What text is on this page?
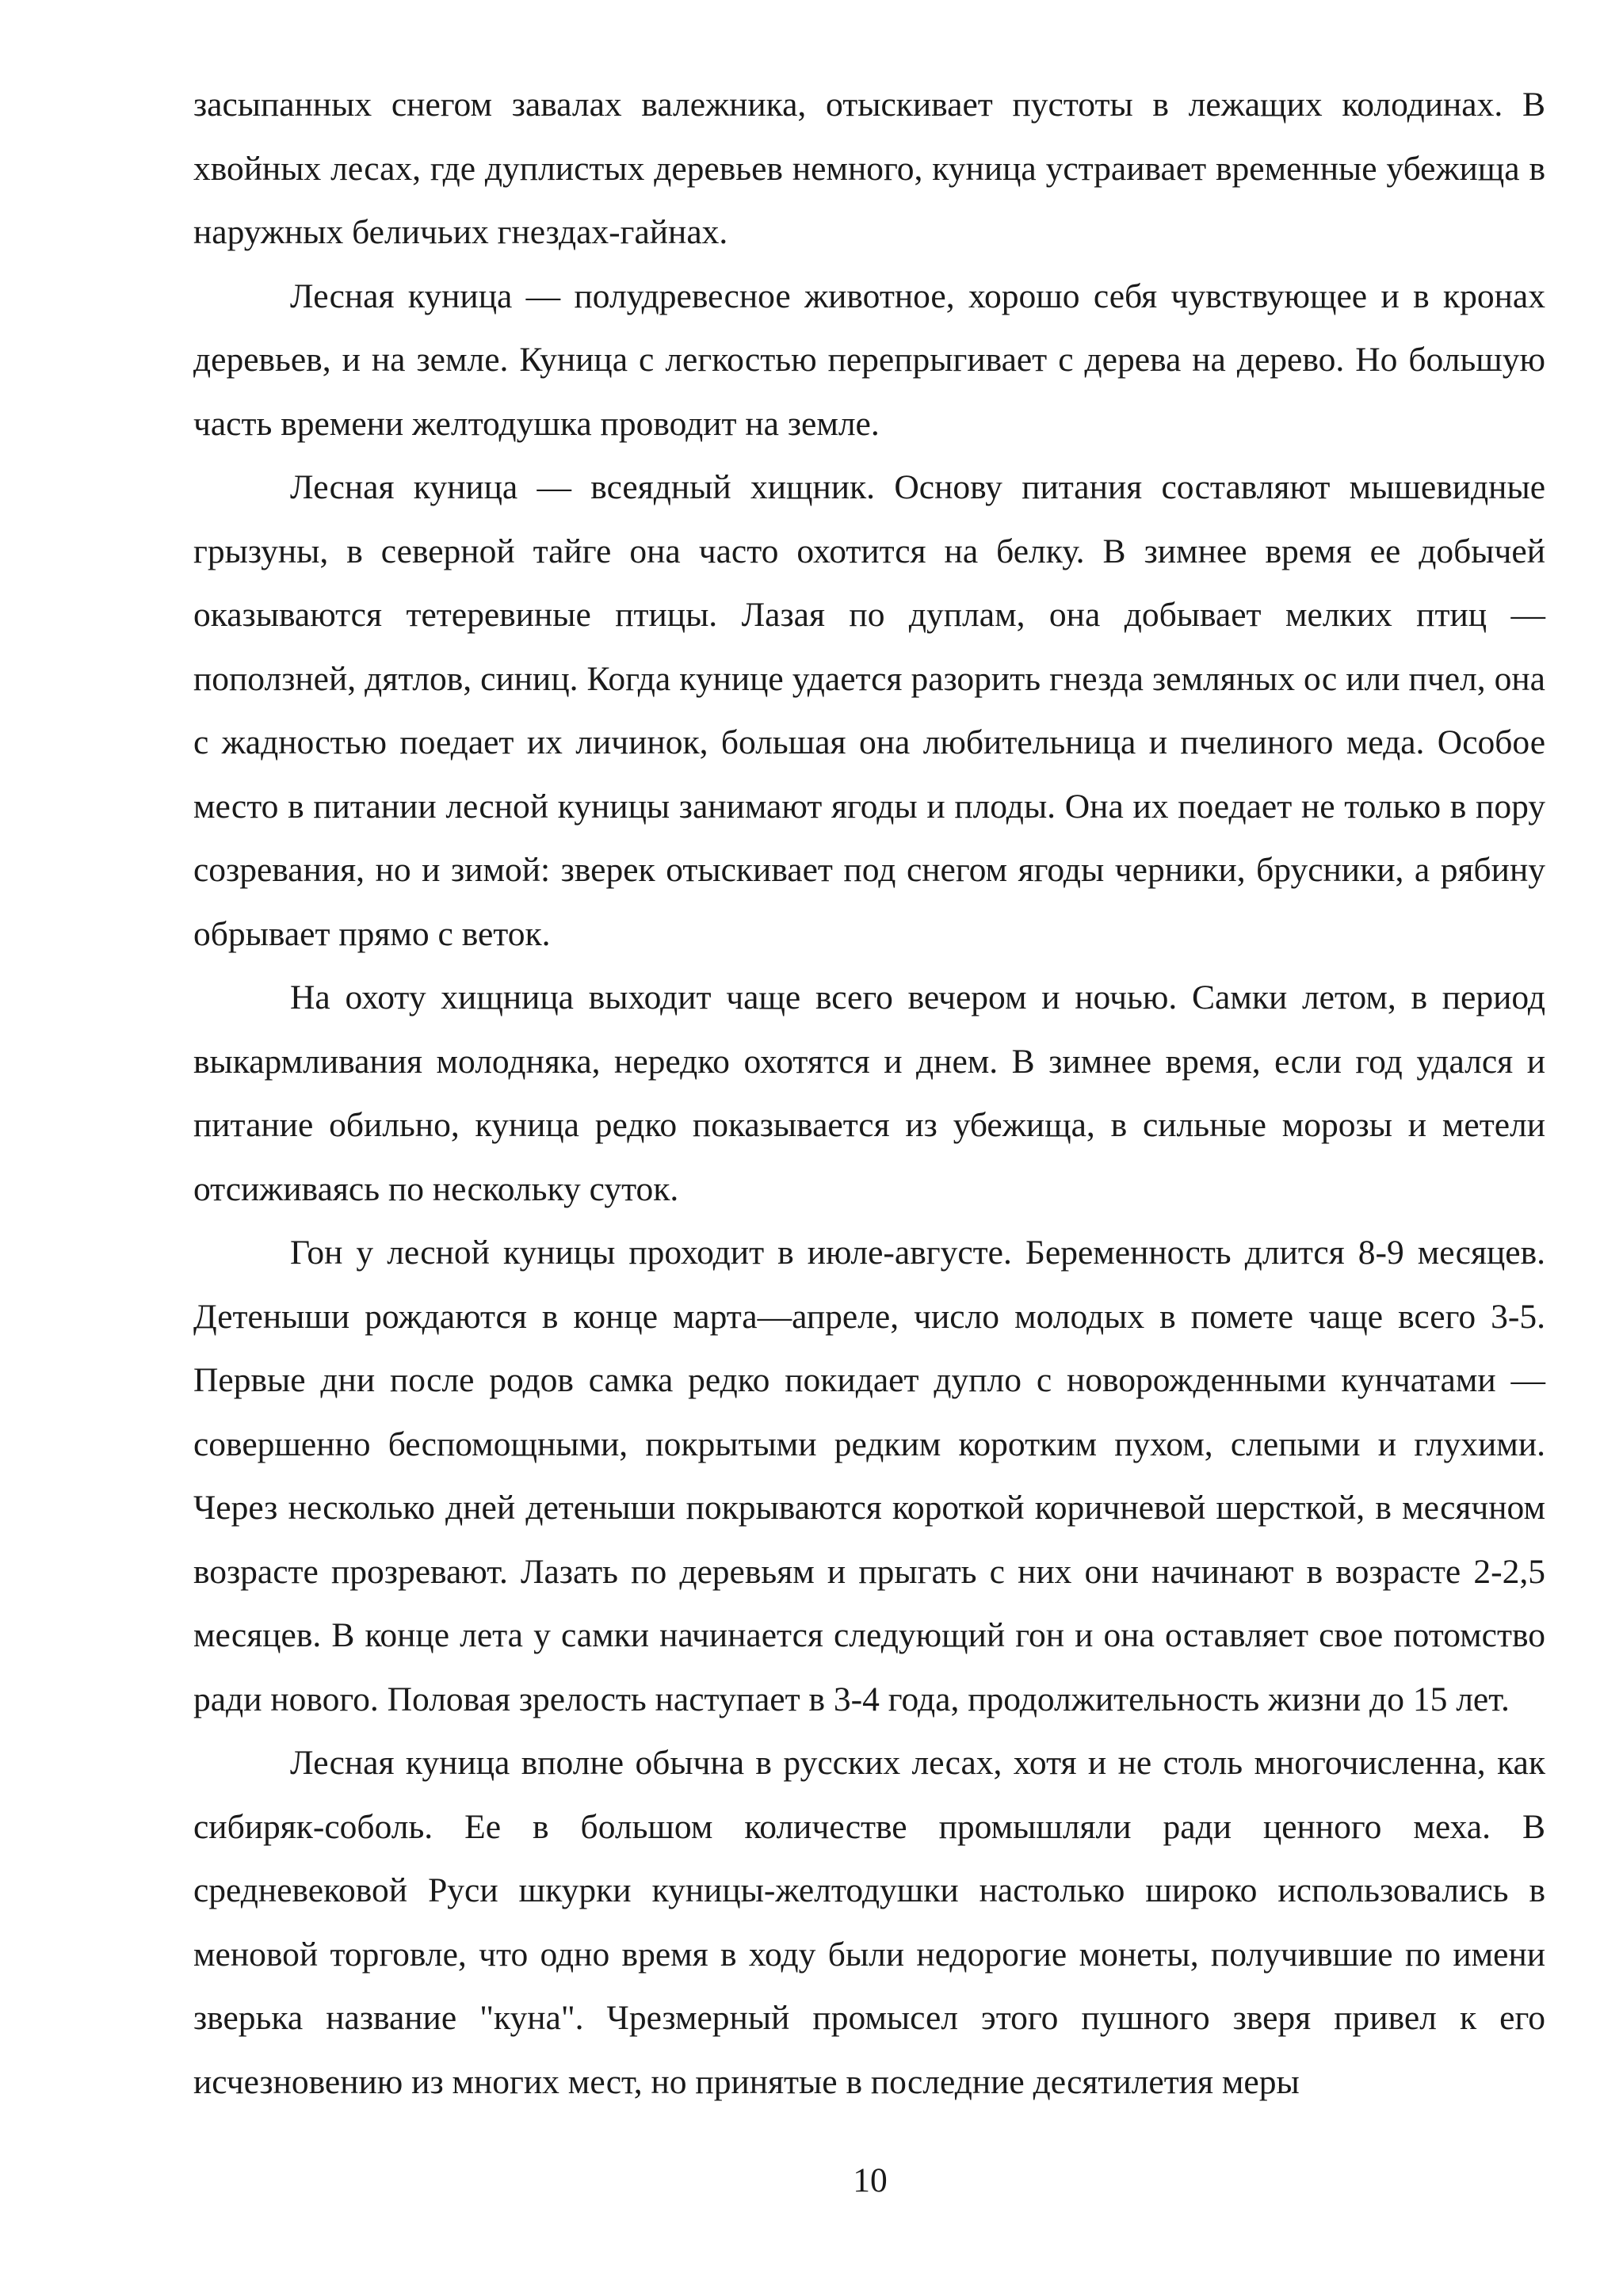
засыпанных снегом завалах валежника, отыскивает пустоты в лежащих колодинах. В хвойных лесах, где дуплистых деревьев немного, куница устраивает временные убежища в наружных беличьих гнездах-гайнах.

Лесная куница — полудревесное животное, хорошо себя чувствующее и в кронах деревьев, и на земле. Куница с легкостью перепрыгивает с дерева на дерево. Но большую часть времени желтодушка проводит на земле.

Лесная куница — всеядный хищник. Основу питания составляют мышевидные грызуны, в северной тайге она часто охотится на белку. В зимнее время ее добычей оказываются тетеревиные птицы. Лазая по дуплам, она добывает мелких птиц — поползней, дятлов, синиц. Когда кунице удается разорить гнезда земляных ос или пчел, она с жадностью поедает их личинок, большая она любительница и пчелиного меда. Особое место в питании лесной куницы занимают ягоды и плоды. Она их поедает не только в пору созревания, но и зимой: зверек отыскивает под снегом ягоды черники, брусники, а рябину обрывает прямо с веток.

На охоту хищница выходит чаще всего вечером и ночью. Самки летом, в период выкармливания молодняка, нередко охотятся и днем. В зимнее время, если год удался и питание обильно, куница редко показывается из убежища, в сильные морозы и метели отсиживаясь по нескольку суток.

Гон у лесной куницы проходит в июле-августе. Беременность длится 8-9 месяцев. Детеныши рождаются в конце марта—апреле, число молодых в помете чаще всего 3-5. Первые дни после родов самка редко покидает дупло с новорожденными кунчатами — совершенно беспомощными, покрытыми редким коротким пухом, слепыми и глухими. Через несколько дней детеныши покрываются короткой коричневой шерсткой, в месячном возрасте прозревают. Лазать по деревьям и прыгать с них они начинают в возрасте 2-2,5 месяцев. В конце лета у самки начинается следующий гон и она оставляет свое потомство ради нового. Половая зрелость наступает в 3-4 года, продолжительность жизни до 15 лет.

Лесная куница вполне обычна в русских лесах, хотя и не столь многочисленна, как сибиряк-соболь. Ее в большом количестве промышляли ради ценного меха. В средневековой Руси шкурки куницы-желтодушки настолько широко использовались в меновой торговле, что одно время в ходу были недорогие монеты, получившие по имени зверька название "куна". Чрезмерный промысел этого пушного зверя привел к его исчезновению из многих мест, но принятые в последние десятилетия меры

10
